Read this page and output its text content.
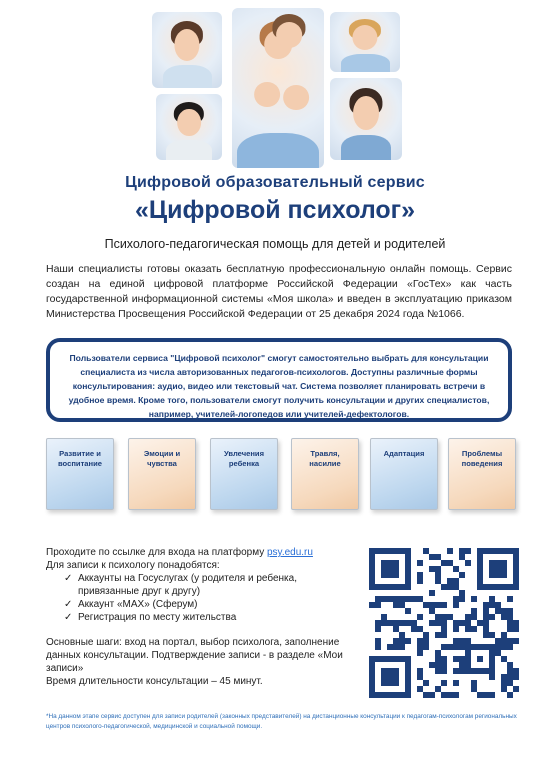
Цифровой образовательный сервис
«Цифровой психолог»
Психолого-педагогическая помощь для детей и родителей
Наши специалисты готовы оказать бесплатную профессиональную онлайн помощь. Сервис создан на единой цифровой платформе Российской Федерации «ГосТех» как часть государственной информационной системы «Моя школа» и введен в эксплуатацию приказом Министерства Просвещения Российской Федерации от 25 декабря 2024 года №1066.
Пользователи сервиса "Цифровой психолог" смогут самостоятельно выбрать для консультации специалиста из числа авторизованных педагогов-психологов. Доступны различные формы консультирования: аудио, видео или текстовый чат. Система позволяет планировать встречи в удобное время. Кроме того, пользователи смогут получить консультации и других специалистов, например, учителей-логопедов или учителей-дефектологов.
Развитие и
воспитание
Эмоции и
чувства
Увлечения
ребенка
Травля,
насилие
Адаптация	Проблемы
поведения
Проходите по ссылке для входа на платформу psy.edu.ru
Для записи к психологу понадобятся:
✓ Аккаунты на Госуслугах (у родителя и ребенка, привязанные друг к другу)
✓ Аккаунт «MAX» (Сферум)
✓ Регистрация по месту жительства
Основные шаги: вход на портал, выбор психолога, заполнение данных консультации. Подтверждение записи - в разделе «Мои записи»
Время длительности консультации – 45 минут.
*На данном этапе сервис доступен для записи родителей (законных представителей) на дистанционные консультации к педагогам-психологам региональных центров психолого-педагогической, медицинской и социальной помощи.
